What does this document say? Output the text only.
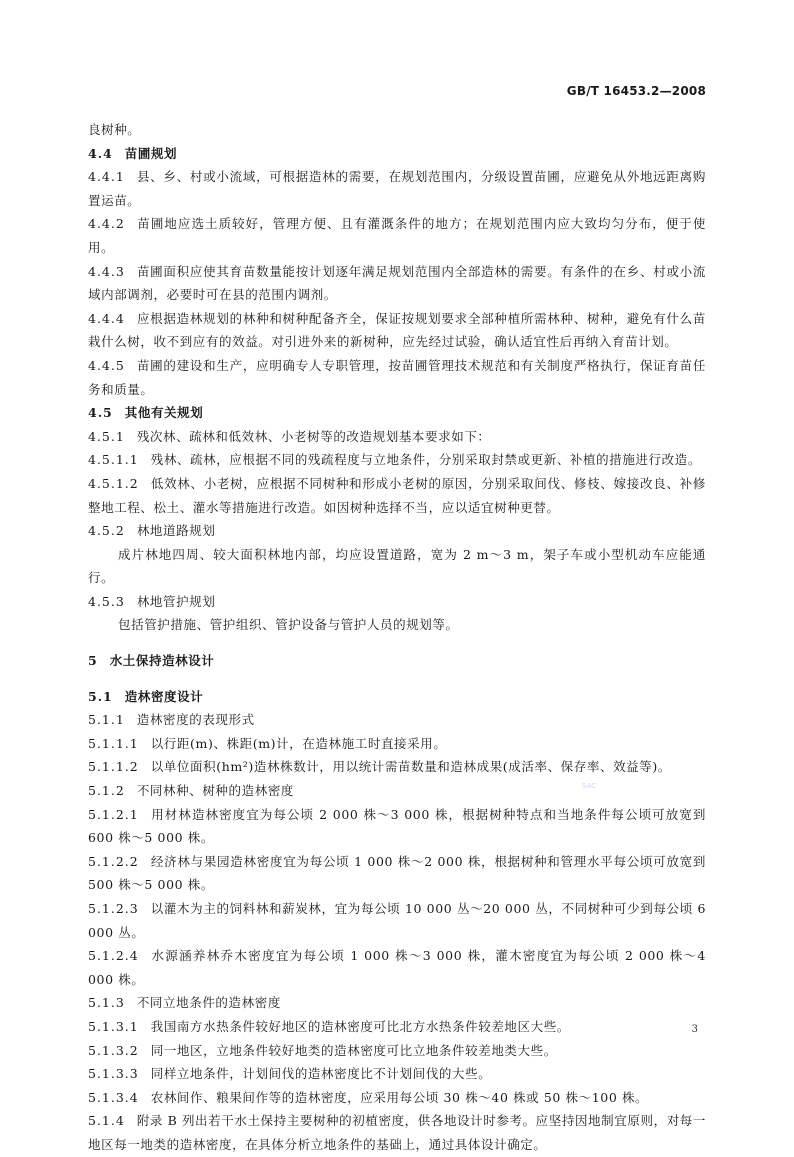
GB/T 16453.2—2008

良树种。

4.4 苗圃规划

4.4.1 县、乡、村或小流域，可根据造林的需要，在规划范围内，分级设置苗圃，应避免从外地远距离购置运苗。

4.4.2 苗圃地应选土质较好，管理方便、且有灌溉条件的地方；在规划范围内应大致均匀分布，便于使用。

4.4.3 苗圃面积应使其育苗数量能按计划逐年满足规划范围内全部造林的需要。有条件的在乡、村或小流域内部调剂，必要时可在县的范围内调剂。

4.4.4 应根据造林规划的林种和树种配备齐全，保证按规划要求全部种植所需林种、树种，避免有什么苗栽什么树，收不到应有的效益。对引进外来的新树种，应先经过试验，确认适宜性后再纳入育苗计划。

4.4.5 苗圃的建设和生产，应明确专人专职管理，按苗圃管理技术规范和有关制度严格执行，保证育苗任务和质量。

4.5 其他有关规划

4.5.1 残次林、疏林和低效林、小老树等的改造规划基本要求如下：

4.5.1.1 残林、疏林，应根据不同的残疏程度与立地条件，分别采取封禁或更新、补植的措施进行改造。

4.5.1.2 低效林、小老树，应根据不同树种和形成小老树的原因，分别采取间伐、修枝、嫁接改良、补修整地工程、松土、灌水等措施进行改造。如因树种选择不当，应以适宜树种更替。

4.5.2 林地道路规划

成片林地四周、较大面积林地内部，均应设置道路，宽为 2 m～3 m，架子车或小型机动车应能通行。

4.5.3 林地管护规划

包括管护措施、管护组织、管护设备与管护人员的规划等。

5 水土保持造林设计

5.1 造林密度设计

5.1.1 造林密度的表现形式

5.1.1.1 以行距(m)、株距(m)计，在造林施工时直接采用。

5.1.1.2 以单位面积(hm²)造林株数计，用以统计需苗数量和造林成果(成活率、保存率、效益等)。

5.1.2 不同林种、树种的造林密度

5.1.2.1 用材林造林密度宜为每公顷 2 000 株～3 000 株，根据树种特点和当地条件每公顷可放宽到 600 株～5 000 株。

5.1.2.2 经济林与果园造林密度宜为每公顷 1 000 株～2 000 株，根据树种和管理水平每公顷可放宽到 500 株～5 000 株。

5.1.2.3 以灌木为主的饲料林和薪炭林，宜为每公顷 10 000 丛～20 000 丛，不同树种可少到每公顷 6 000 丛。

5.1.2.4 水源涵养林乔木密度宜为每公顷 1 000 株～3 000 株，灌木密度宜为每公顷 2 000 株～4 000 株。

5.1.3 不同立地条件的造林密度

5.1.3.1 我国南方水热条件较好地区的造林密度可比北方水热条件较差地区大些。

5.1.3.2 同一地区，立地条件较好地类的造林密度可比立地条件较差地类大些。

5.1.3.3 同样立地条件，计划间伐的造林密度比不计划间伐的大些。

5.1.3.4 农林间作、粮果间作等的造林密度，应采用每公顷 30 株～40 株或 50 株～100 株。

5.1.4 附录 B 列出若干水土保持主要树种的初植密度，供各地设计时参考。应坚持因地制宜原则，对每一地区每一地类的造林密度，在具体分析立地条件的基础上，通过具体设计确定。

SAC
3
